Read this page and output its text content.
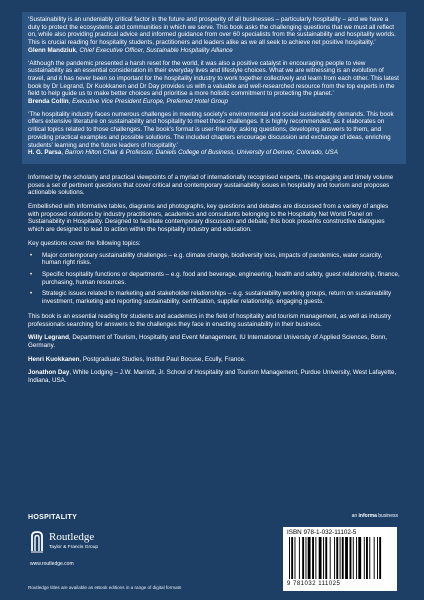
‘Sustainability is an undeniably critical factor in the future and prosperity of all businesses – particularly hospitality – and we have a duty to protect the ecosystems and communities in which we serve. This book asks the challenging questions that we must all reflect on, while also providing practical advice and informed guidance from over 60 specialists from the sustainability and hospitality worlds. This is crucial reading for hospitality students, practitioners and leaders alike as we all seek to achieve net positive hospitality.’

Glenn Mandziuk, Chief Executive Officer, Sustainable Hospitality Alliance

‘Although the pandemic presented a harsh reset for the world, it was also a positive catalyst in encouraging people to view sustainability as an essential consideration in their everyday lives and lifestyle choices. What we are witnessing is an evolution of travel, and it has never been so important for the hospitality industry to work together collectively and learn from each other. This latest book by Dr Legrand, Dr Kuokkanen and Dr Day provides us with a valuable and well-researched resource from the top experts in the field to help guide us to make better choices and prioritise a more holistic commitment to protecting the planet.’

Brenda Collin, Executive Vice President Europe, Preferred Hotel Group

‘The hospitality industry faces numerous challenges in meeting society’s environmental and social sustainability demands. This book offers extensive literature on sustainability and hospitality to meet those challenges. It is highly recommended, as it elaborates on critical topics related to those challenges. The book’s format is user-friendly: asking questions, developing answers to them, and providing practical examples and possible solutions. The included chapters encourage discussion and exchange of ideas, enriching students’ learning and the future leaders of hospitality.’

H. G. Parsa, Barron Hilton Chair & Professor, Daniels College of Business, University of Denver, Colorado, USA

Informed by the scholarly and practical viewpoints of a myriad of internationally recognised experts, this engaging and timely volume poses a set of pertinent questions that cover critical and contemporary sustainability issues in hospitality and tourism and proposes actionable solutions.

Embellished with informative tables, diagrams and photographs, key questions and debates are discussed from a variety of angles with proposed solutions by industry practitioners, academics and consultants belonging to the Hospitality Net World Panel on Sustainability in Hospitality. Designed to facilitate contemporary discussion and debate, this book presents constructive dialogues which are designed to lead to action within the hospitality industry and education.

Key questions cover the following topics:

• Major contemporary sustainability challenges – e.g. climate change, biodiversity loss, impacts of pandemics, water scarcity, human right risks.
• Specific hospitality functions or departments – e.g. food and beverage, engineering, health and safety, guest relationship, finance, purchasing, human resources.
• Strategic issues related to marketing and stakeholder relationships – e.g. sustainability working groups, return on sustainability investment, marketing and reporting sustainability, certification, supplier relationship, engaging guests.

This book is an essential reading for students and academics in the field of hospitality and tourism management, as well as industry professionals searching for answers to the challenges they face in enacting sustainability in their business.

Willy Legrand, Department of Tourism, Hospitality and Event Management, IU International University of Applied Sciences, Bonn, Germany.

Henri Kuokkanen, Postgraduate Studies, Institut Paul Bocuse, Ecully, France.

Jonathon Day, White Lodging – J.W. Marriott, Jr. School of Hospitality and Tourism Management, Purdue University, West Lafayette, Indiana, USA.

HOSPITALITY	an informa business
Routledge
Taylor & Francis Group
www.routledge.com
Routledge titles are available as eBook editions in a range of digital formats
ISBN 978-1-032-11102-5
9 781032 111025
